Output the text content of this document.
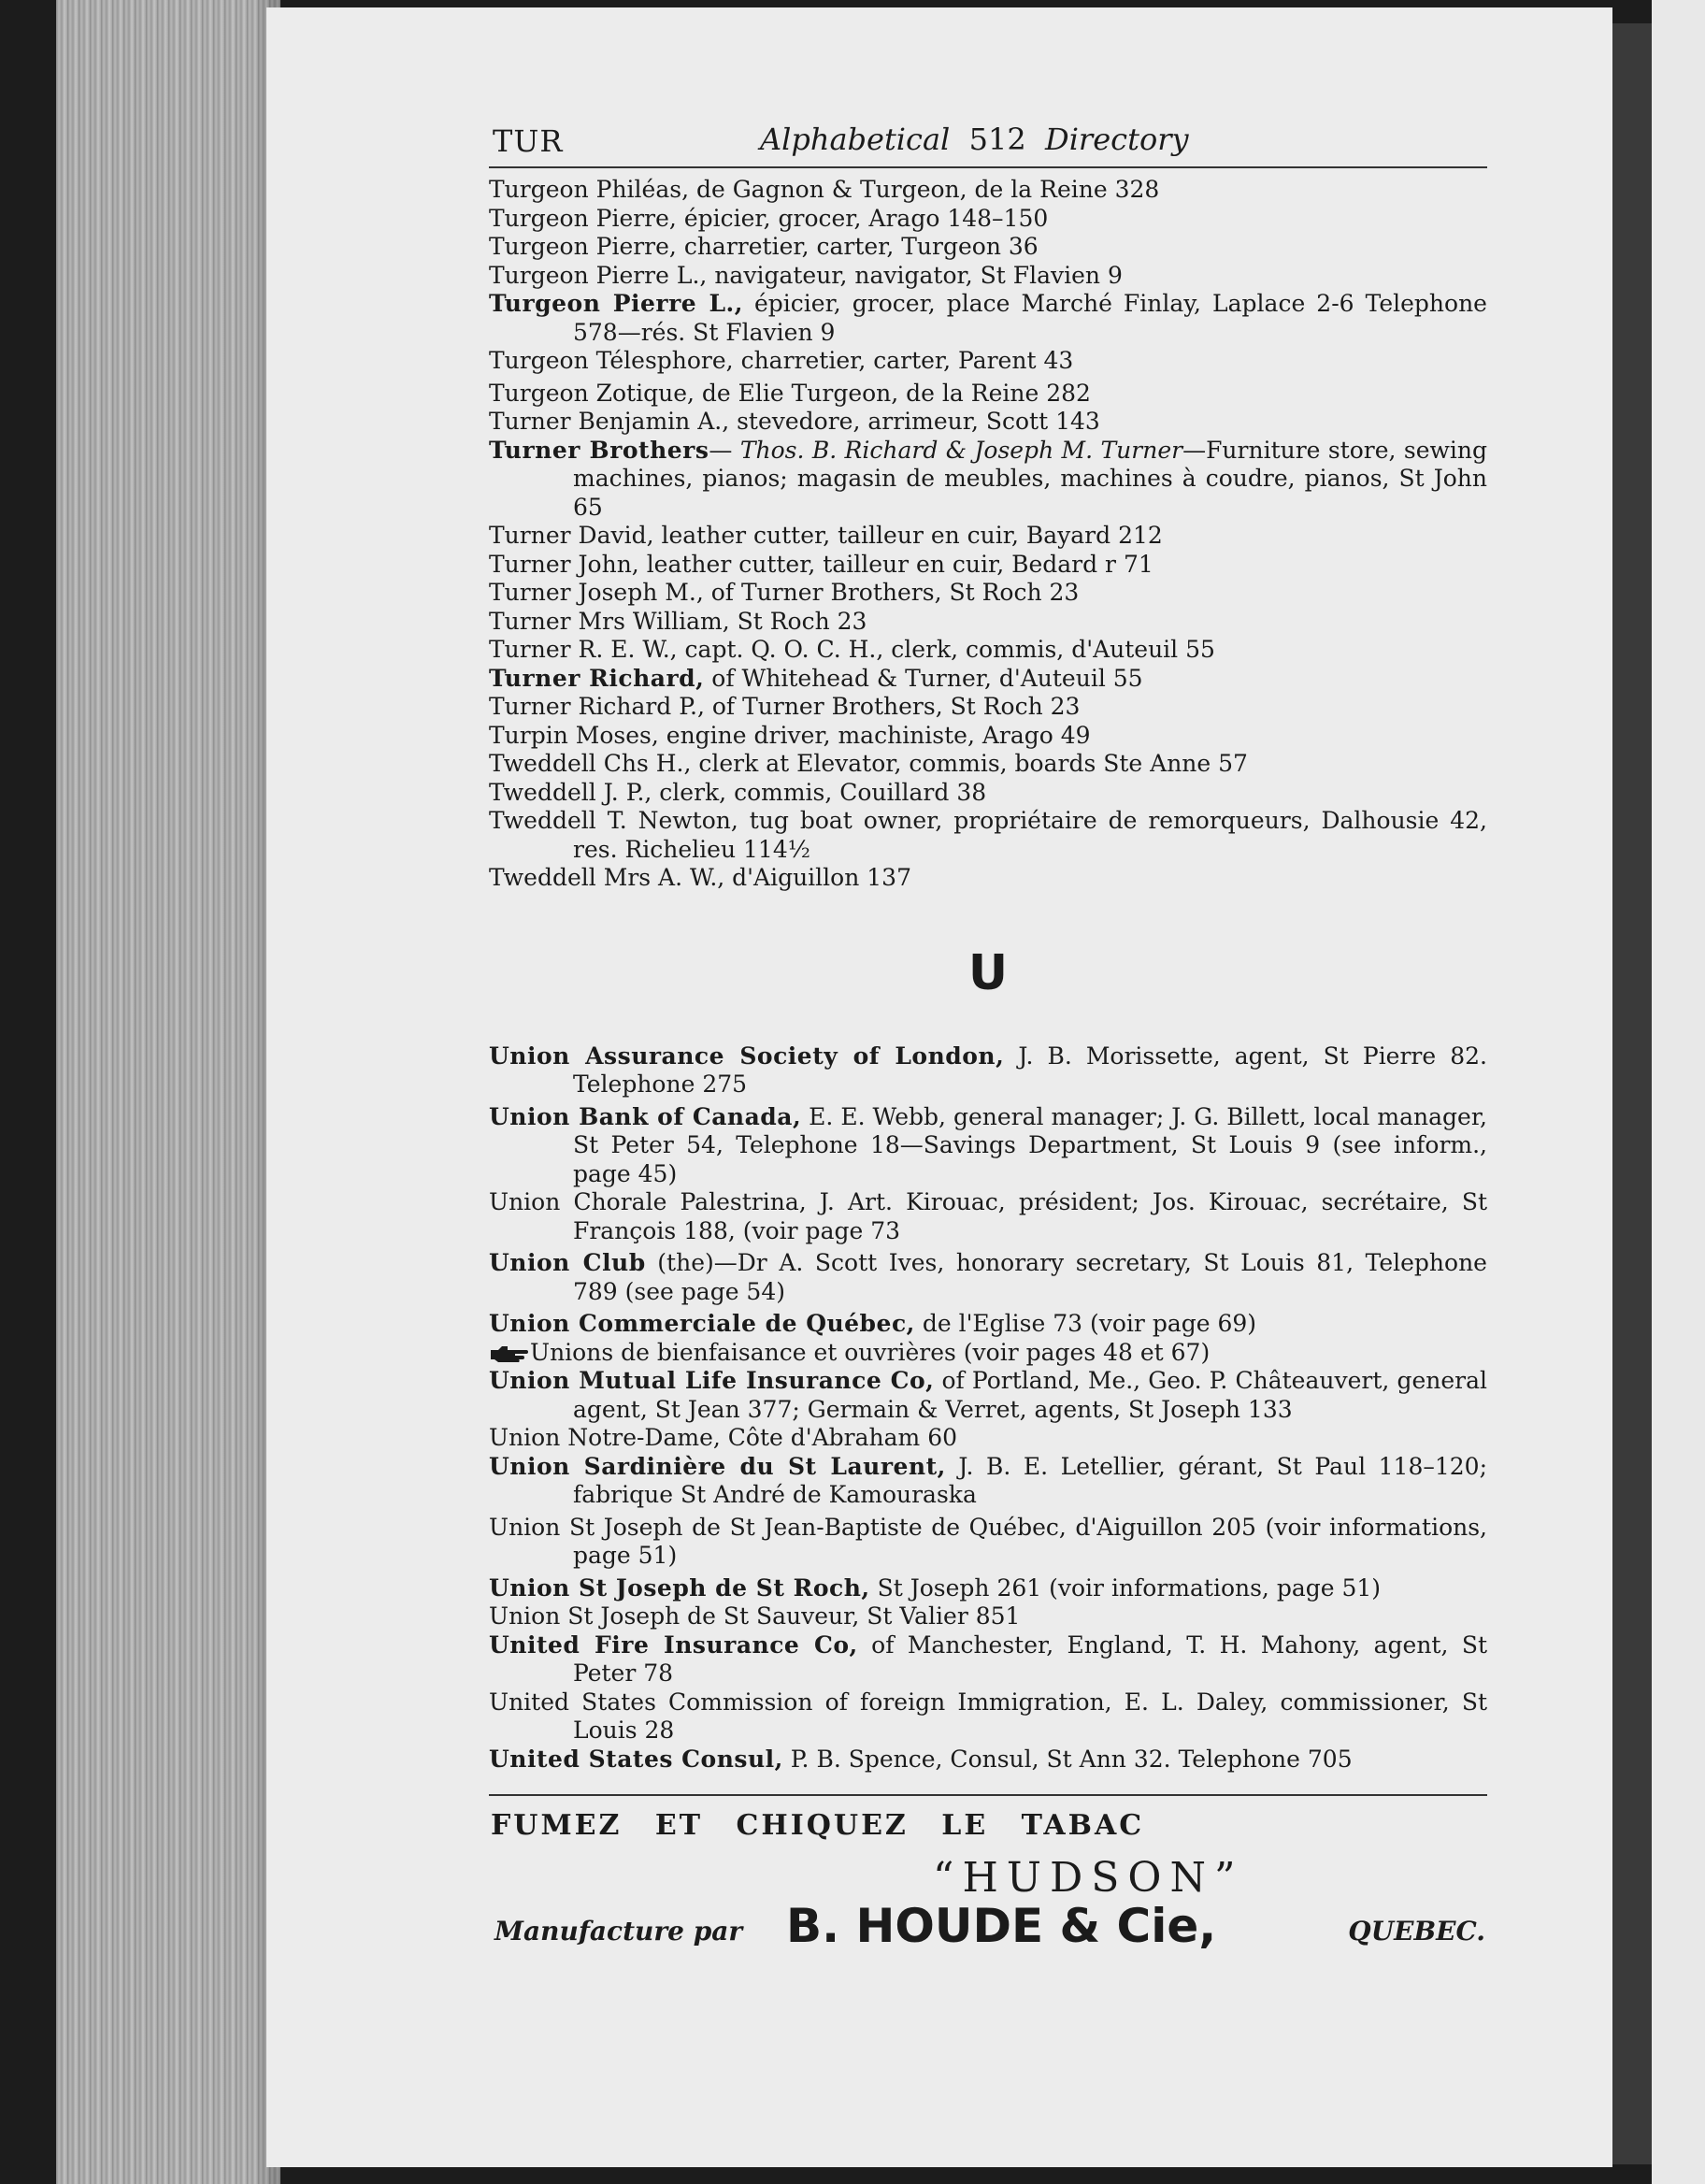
TUR	Alphabetical 512 Directory
Turgeon Philéas, de Gagnon & Turgeon, de la Reine 328
Turgeon Pierre, épicier, grocer, Arago 148–150
Turgeon Pierre, charretier, carter, Turgeon 36
Turgeon Pierre L., navigateur, navigator, St Flavien 9
Turgeon Pierre L., épicier, grocer, place Marché Finlay, Laplace 2-6 Telephone 578—rés. St Flavien 9
Turgeon Télesphore, charretier, carter, Parent 43
Turgeon Zotique, de Elie Turgeon, de la Reine 282
Turner Benjamin A., stevedore, arrimeur, Scott 143
Turner Brothers— Thos. B. Richard & Joseph M. Turner—Furniture store, sewing machines, pianos; magasin de meubles, machines à coudre, pianos, St John 65
Turner David, leather cutter, tailleur en cuir, Bayard 212
Turner John, leather cutter, tailleur en cuir, Bedard r 71
Turner Joseph M., of Turner Brothers, St Roch 23
Turner Mrs William, St Roch 23
Turner R. E. W., capt. Q. O. C. H., clerk, commis, d'Auteuil 55
Turner Richard, of Whitehead & Turner, d'Auteuil 55
Turner Richard P., of Turner Brothers, St Roch 23
Turpin Moses, engine driver, machiniste, Arago 49
Tweddell Chs H., clerk at Elevator, commis, boards Ste Anne 57
Tweddell J. P., clerk, commis, Couillard 38
Tweddell T. Newton, tug boat owner, propriétaire de remorqueurs, Dalhousie 42, res. Richelieu 114½
Tweddell Mrs A. W., d'Aiguillon 137
U
Union Assurance Society of London, J. B. Morissette, agent, St Pierre 82. Telephone 275
Union Bank of Canada, E. E. Webb, general manager; J. G. Billett, local manager, St Peter 54, Telephone 18—Savings Department, St Louis 9 (see inform., page 45)
Union Chorale Palestrina, J. Art. Kirouac, président; Jos. Kirouac, secrétaire, St François 188, (voir page 73
Union Club (the)—Dr A. Scott Ives, honorary secretary, St Louis 81, Telephone 789 (see page 54)
Union Commerciale de Québec, de l'Eglise 73 (voir page 69)
Unions de bienfaisance et ouvrières (voir pages 48 et 67)
Union Mutual Life Insurance Co, of Portland, Me., Geo. P. Châteauvert, general agent, St Jean 377; Germain & Verret, agents, St Joseph 133
Union Notre-Dame, Côte d'Abraham 60
Union Sardinière du St Laurent, J. B. E. Letellier, gérant, St Paul 118–120; fabrique St André de Kamouraska
Union St Joseph de St Jean-Baptiste de Québec, d'Aiguillon 205 (voir informations, page 51)
Union St Joseph de St Roch, St Joseph 261 (voir informations, page 51)
Union St Joseph de St Sauveur, St Valier 851
United Fire Insurance Co, of Manchester, England, T. H. Mahony, agent, St Peter 78
United States Commission of foreign Immigration, E. L. Daley, commissioner, St Louis 28
United States Consul, P. B. Spence, Consul, St Ann 32. Telephone 705
FUMEZ ET CHIQUEZ LE TABAC
“HUDSON”
Manufacture par B. HOUDE & Cie,	QUEBEC.
